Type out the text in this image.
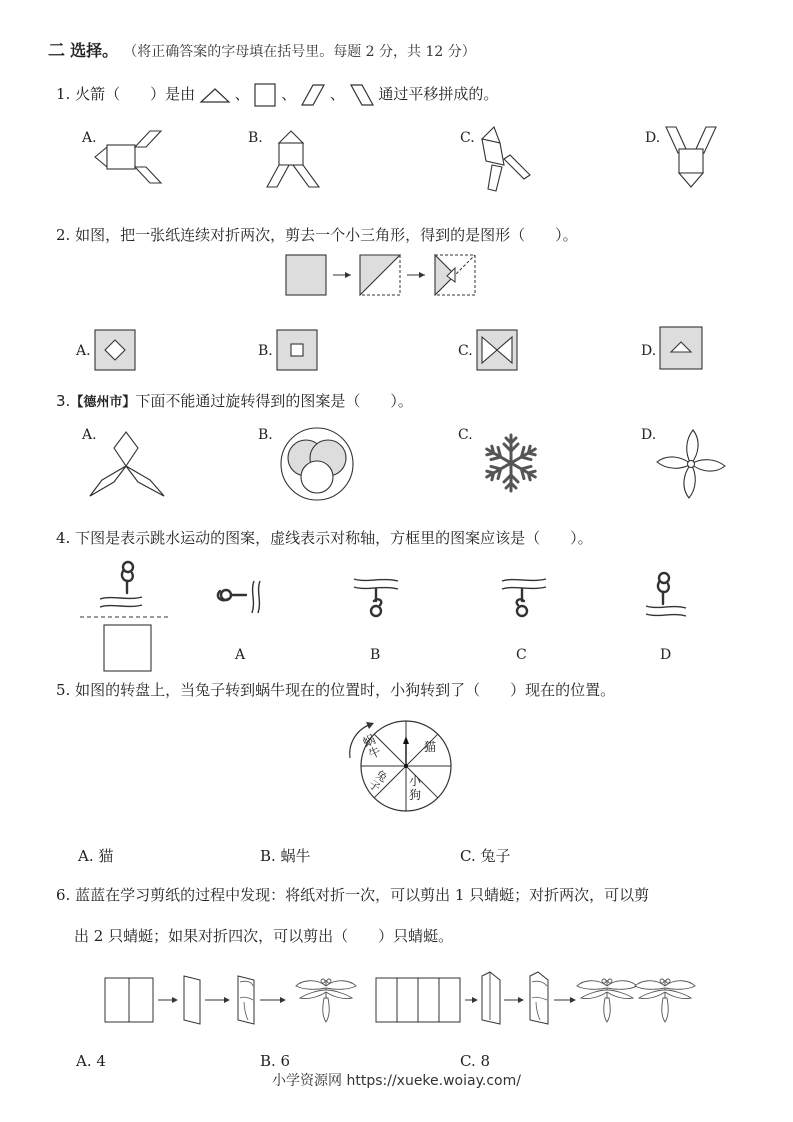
二 选择。 （将正确答案的字母填在括号里。每题 2 分，共 12 分）
1. 火箭（　　）是由	、 、 、 通过平移拼成的。
A.	B.	C.	D.
2. 如图，把一张纸连续对折两次，剪去一个小三角形，得到的是图形（　　）。
A.	B.	C.	D.
3.【德州市】下面不能通过旋转得到的图案是（　　）。
A.	B.	C.	D.
4. 下图是表示跳水运动的图案，虚线表示对称轴，方框里的图案应该是（　　）。
A	B	C	D
5. 如图的转盘上，当兔子转到蜗牛现在的位置时，小狗转到了（　　）现在的位置。
蜗牛	猫
兔子	小狗
A. 猫	B. 蜗牛	C. 兔子
6. 蓝蓝在学习剪纸的过程中发现：将纸对折一次，可以剪出 1 只蜻蜓；对折两次，可以剪
出 2 只蜻蜓；如果对折四次，可以剪出（　　）只蜻蜓。
A. 4	B. 6	C. 8
小学资源网 https://xueke.woiay.com/
